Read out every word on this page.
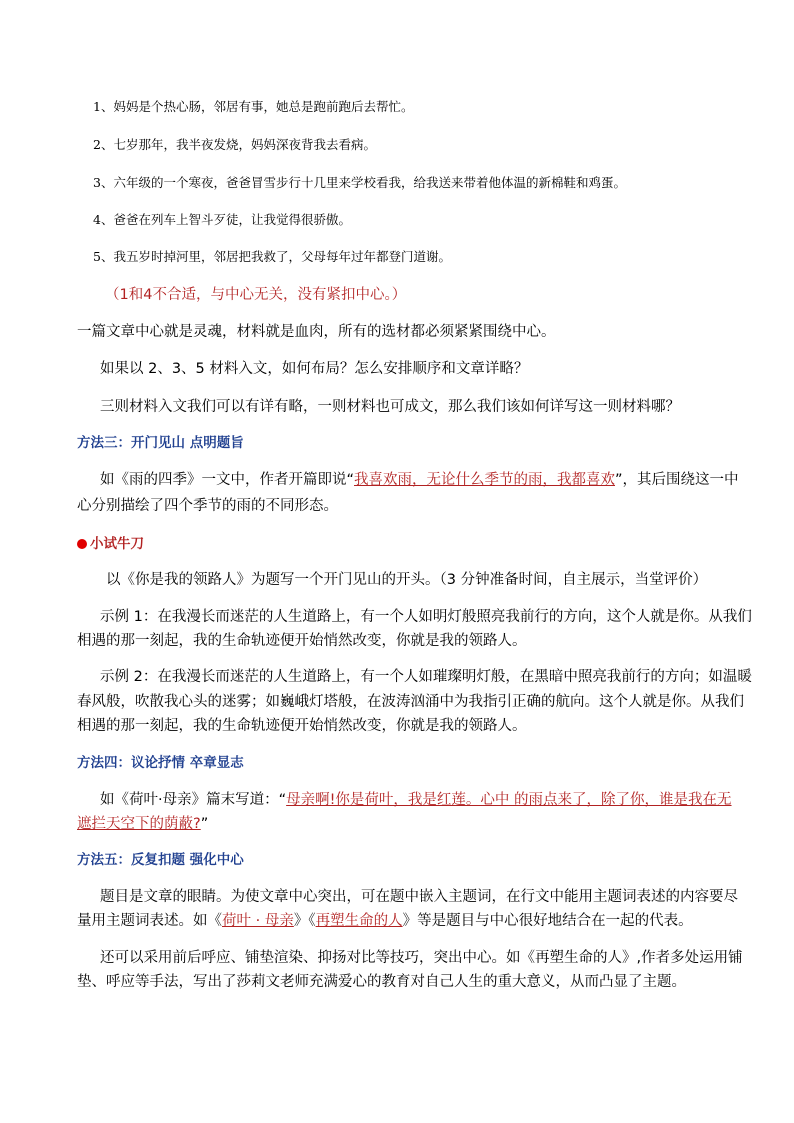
1、妈妈是个热心肠，邻居有事，她总是跑前跑后去帮忙。
2、七岁那年，我半夜发烧，妈妈深夜背我去看病。
3、六年级的一个寒夜，爸爸冒雪步行十几里来学校看我，给我送来带着他体温的新棉鞋和鸡蛋。
4、爸爸在列车上智斗歹徒，让我觉得很骄傲。
5、我五岁时掉河里，邻居把我救了，父母每年过年都登门道谢。
（1和4不合适，与中心无关，没有紧扣中心。）
一篇文章中心就是灵魂，材料就是血肉，所有的选材都必须紧紧围绕中心。
如果以 2、3、5 材料入文，如何布局？怎么安排顺序和文章详略？
三则材料入文我们可以有详有略，一则材料也可成文，那么我们该如何详写这一则材料哪？
方法三：开门见山 点明题旨
如《雨的四季》一文中，作者开篇即说“我喜欢雨，无论什么季节的雨，我都喜欢”，其后围绕这一中
心分别描绘了四个季节的雨的不同形态。
小试牛刀
以《你是我的领路人》为题写一个开门见山的开头。（3 分钟准备时间，自主展示，当堂评价）
示例 1：在我漫长而迷茫的人生道路上，有一个人如明灯般照亮我前行的方向，这个人就是你。从我们
相遇的那一刻起，我的生命轨迹便开始悄然改变，你就是我的领路人。
示例 2：在我漫长而迷茫的人生道路上，有一个人如璀璨明灯般，在黑暗中照亮我前行的方向；如温暖
春风般，吹散我心头的迷雾；如巍峨灯塔般，在波涛汹涌中为我指引正确的航向。这个人就是你。从我们
相遇的那一刻起，我的生命轨迹便开始悄然改变，你就是我的领路人。
方法四：议论抒情 卒章显志
如《荷叶·母亲》篇末写道：“母亲啊!你是荷叶，我是红莲。心中 的雨点来了，除了你，谁是我在无
遮拦天空下的荫蔽?”
方法五：反复扣题 强化中心
题目是文章的眼睛。为使文章中心突出，可在题中嵌入主题词，在行文中能用主题词表述的内容要尽
量用主题词表述。如《荷叶 · 母亲》《再塑生命的人》等是题目与中心很好地结合在一起的代表。
还可以采用前后呼应、铺垫渲染、抑扬对比等技巧，突出中心。如《再塑生命的人》,作者多处运用铺
垫、呼应等手法，写出了莎莉文老师充满爱心的教育对自己人生的重大意义，从而凸显了主题。
